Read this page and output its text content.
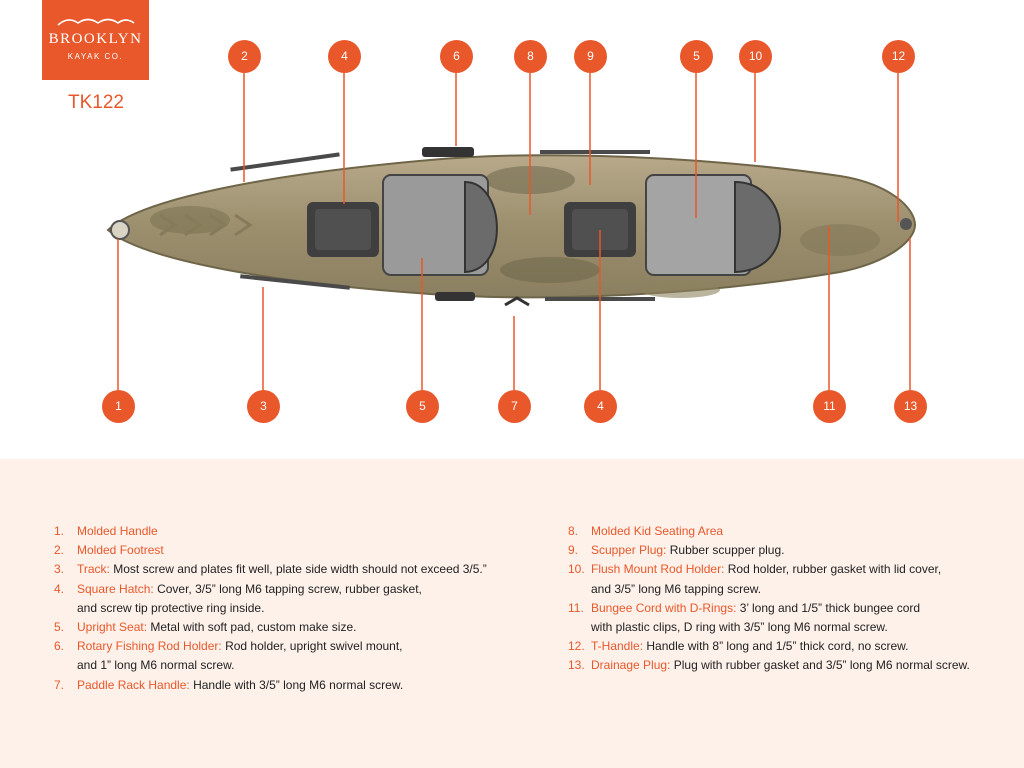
BROOKLYN
KAYAK CO.
TK122
2	4	6	8	9	5	10	12
1	3	5	7	4	11	13
1.	Molded Handle
2.	Molded Footrest
3.	Track: Most screw and plates fit well, plate side width should not exceed 3/5.”
4.	Square Hatch: Cover, 3/5” long M6 tapping screw, rubber gasket,
and screw tip protective ring inside.
5.	Upright Seat: Metal with soft pad, custom make size.
6.	Rotary Fishing Rod Holder: Rod holder, upright swivel mount,
and 1” long M6 normal screw.
7.	Paddle Rack Handle: Handle with 3/5” long M6 normal screw.
8.	Molded Kid Seating Area
9.	Scupper Plug: Rubber scupper plug.
10. Flush Mount Rod Holder: Rod holder, rubber gasket with lid cover,
and 3/5” long M6 tapping screw.
11. Bungee Cord with D-Rings: 3’ long and 1/5” thick bungee cord
with plastic clips, D ring with 3/5” long M6 normal screw.
12. T-Handle: Handle with 8” long and 1/5” thick cord, no screw.
13. Drainage Plug: Plug with rubber gasket and 3/5” long M6 normal screw.
